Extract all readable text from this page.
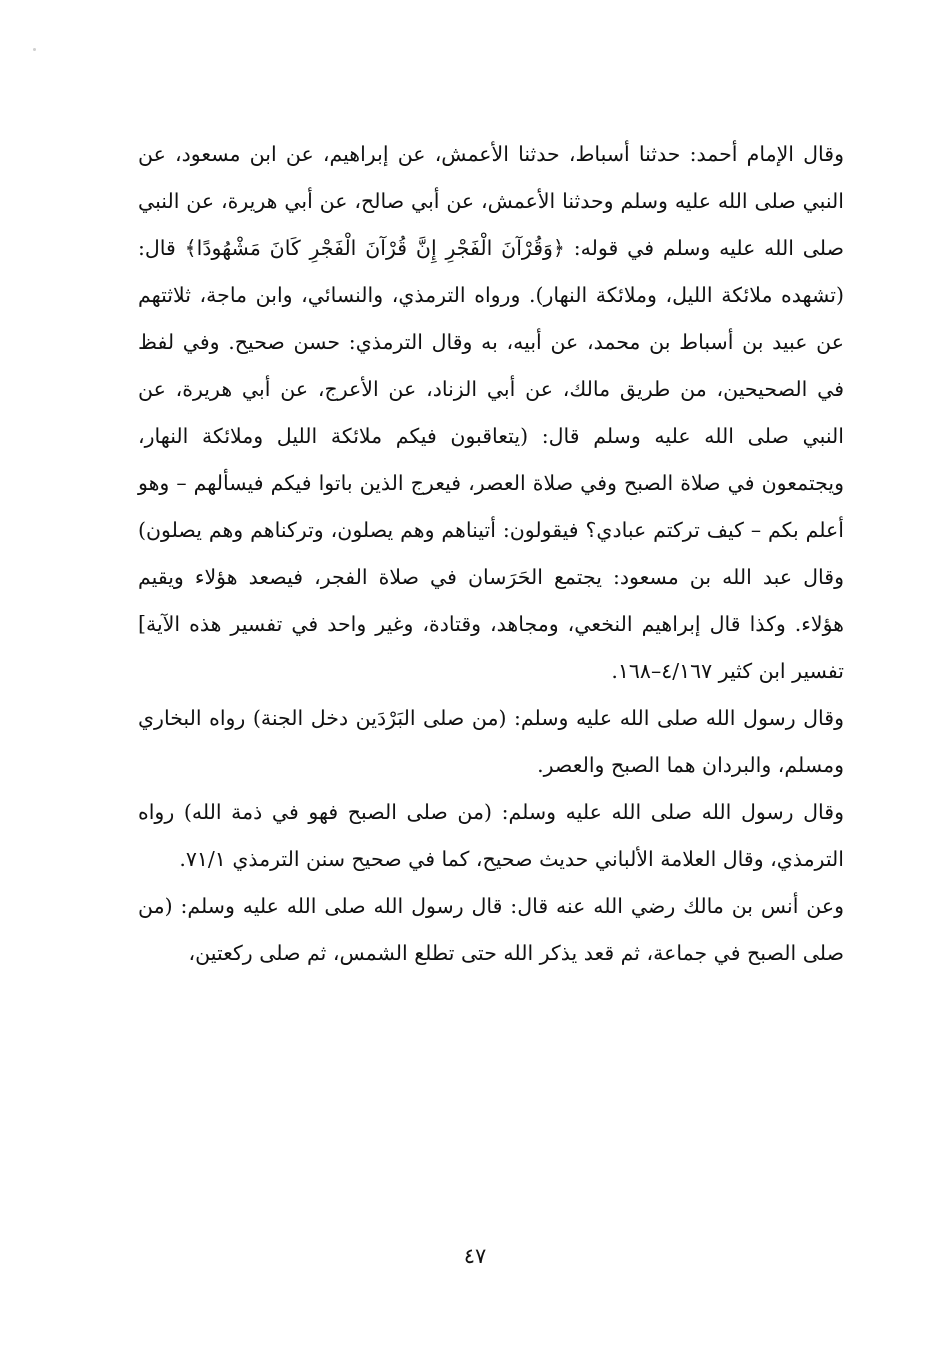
وقال الإمام أحمد: حدثنا أسباط، حدثنا الأعمش، عن إبراهيم، عن ابن مسعود، عن النبي صلى الله عليه وسلم وحدثنا الأعمش، عن أبي صالح، عن أبي هريرة، عن النبي صلى الله عليه وسلم في قوله: ﴿وَقُرْآنَ الْفَجْرِ إِنَّ قُرْآنَ الْفَجْرِ كَانَ مَشْهُودًا﴾ قال: (تشهده ملائكة الليل، وملائكة النهار). ورواه الترمذي، والنسائي، وابن ماجة، ثلاثتهم عن عبيد بن أسباط بن محمد، عن أبيه، به وقال الترمذي: حسن صحيح. وفي لفظ في الصحيحين، من طريق مالك، عن أبي الزناد، عن الأعرج، عن أبي هريرة، عن النبي صلى الله عليه وسلم قال: (يتعاقبون فيكم ملائكة الليل وملائكة النهار، ويجتمعون في صلاة الصبح وفي صلاة العصر، فيعرج الذين باتوا فيكم فيسألهم – وهو أعلم بكم – كيف تركتم عبادي؟ فيقولون: أتيناهم وهم يصلون، وتركناهم وهم يصلون) وقال عبد الله بن مسعود: يجتمع الحَرَسان في صلاة الفجر، فيصعد هؤلاء ويقيم هؤلاء. وكذا قال إبراهيم النخعي، ومجاهد، وقتادة، وغير واحد في تفسير هذه الآية] تفسير ابن كثير ٤/١٦٧–١٦٨.

وقال رسول الله صلى الله عليه وسلم: (من صلى البَرْدَين دخل الجنة) رواه البخاري ومسلم، والبردان هما الصبح والعصر.

وقال رسول الله صلى الله عليه وسلم: (من صلى الصبح فهو في ذمة الله) رواه الترمذي، وقال العلامة الألباني حديث صحيح، كما في صحيح سنن الترمذي ٧١/١.

وعن أنس بن مالك رضي الله عنه قال: قال رسول الله صلى الله عليه وسلم: (من صلى الصبح في جماعة، ثم قعد يذكر الله حتى تطلع الشمس، ثم صلى ركعتين،

٤٧
